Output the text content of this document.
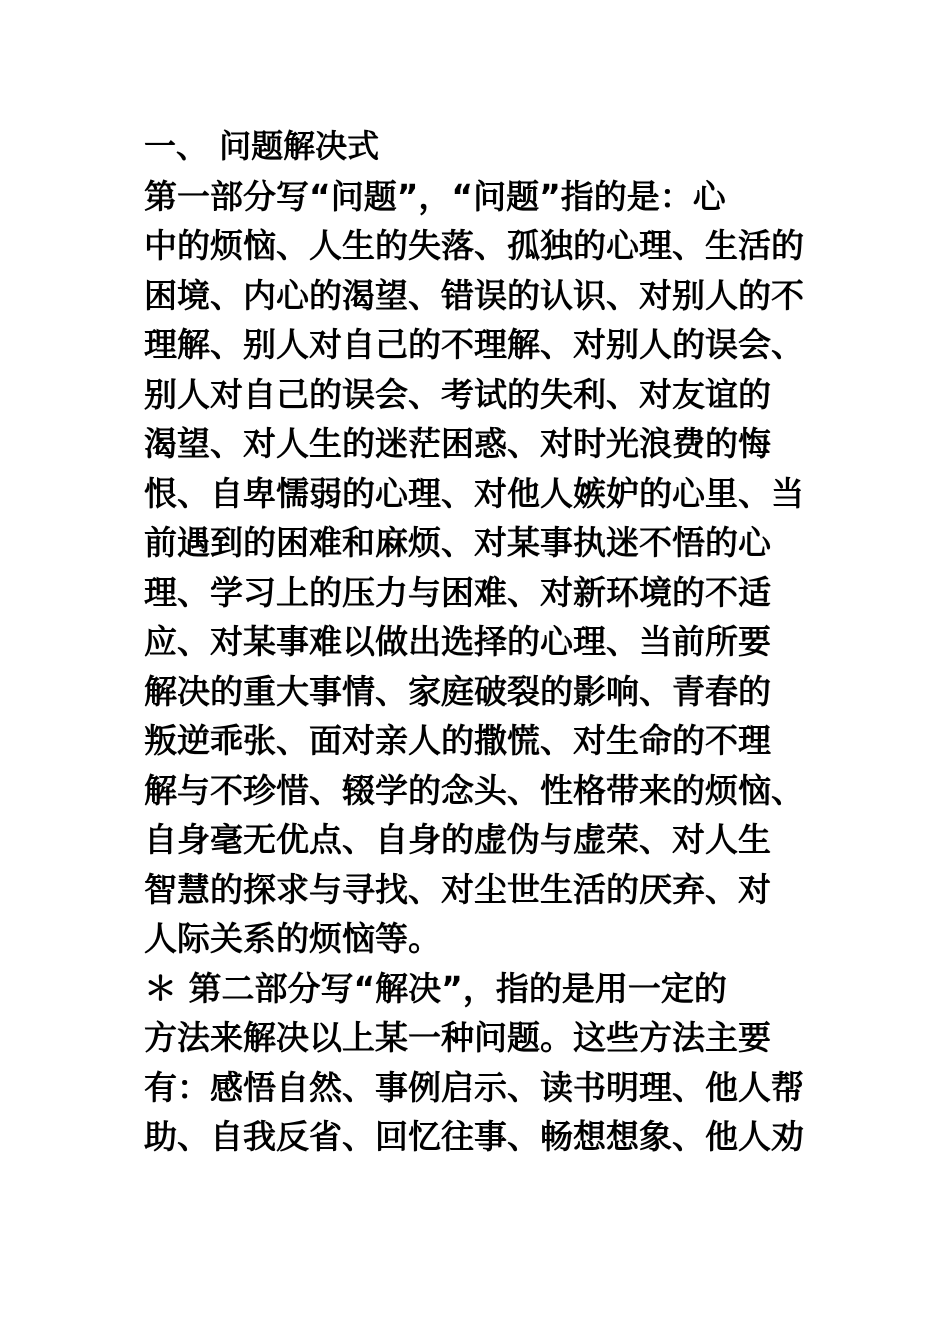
一、 问题解决式
第一部分写“问题”，“问题”指的是：心
中的烦恼、人生的失落、孤独的心理、生活的
困境、内心的渴望、错误的认识、对别人的不
理解、别人对自己的不理解、对别人的误会、
别人对自己的误会、考试的失利、对友谊的
渴望、对人生的迷茫困惑、对时光浪费的悔
恨、自卑懦弱的心理、对他人嫉妒的心里、当
前遇到的困难和麻烦、对某事执迷不悟的心
理、学习上的压力与困难、对新环境的不适
应、对某事难以做出选择的心理、当前所要
解决的重大事情、家庭破裂的影响、青春的
叛逆乖张、面对亲人的撒慌、对生命的不理
解与不珍惜、辍学的念头、性格带来的烦恼、
自身毫无优点、自身的虚伪与虚荣、对人生
智慧的探求与寻找、对尘世生活的厌弃、对
人际关系的烦恼等。
＊ 第二部分写“解决”，指的是用一定的
方法来解决以上某一种问题。这些方法主要
有：感悟自然、事例启示、读书明理、他人帮
助、自我反省、回忆往事、畅想想象、他人劝
